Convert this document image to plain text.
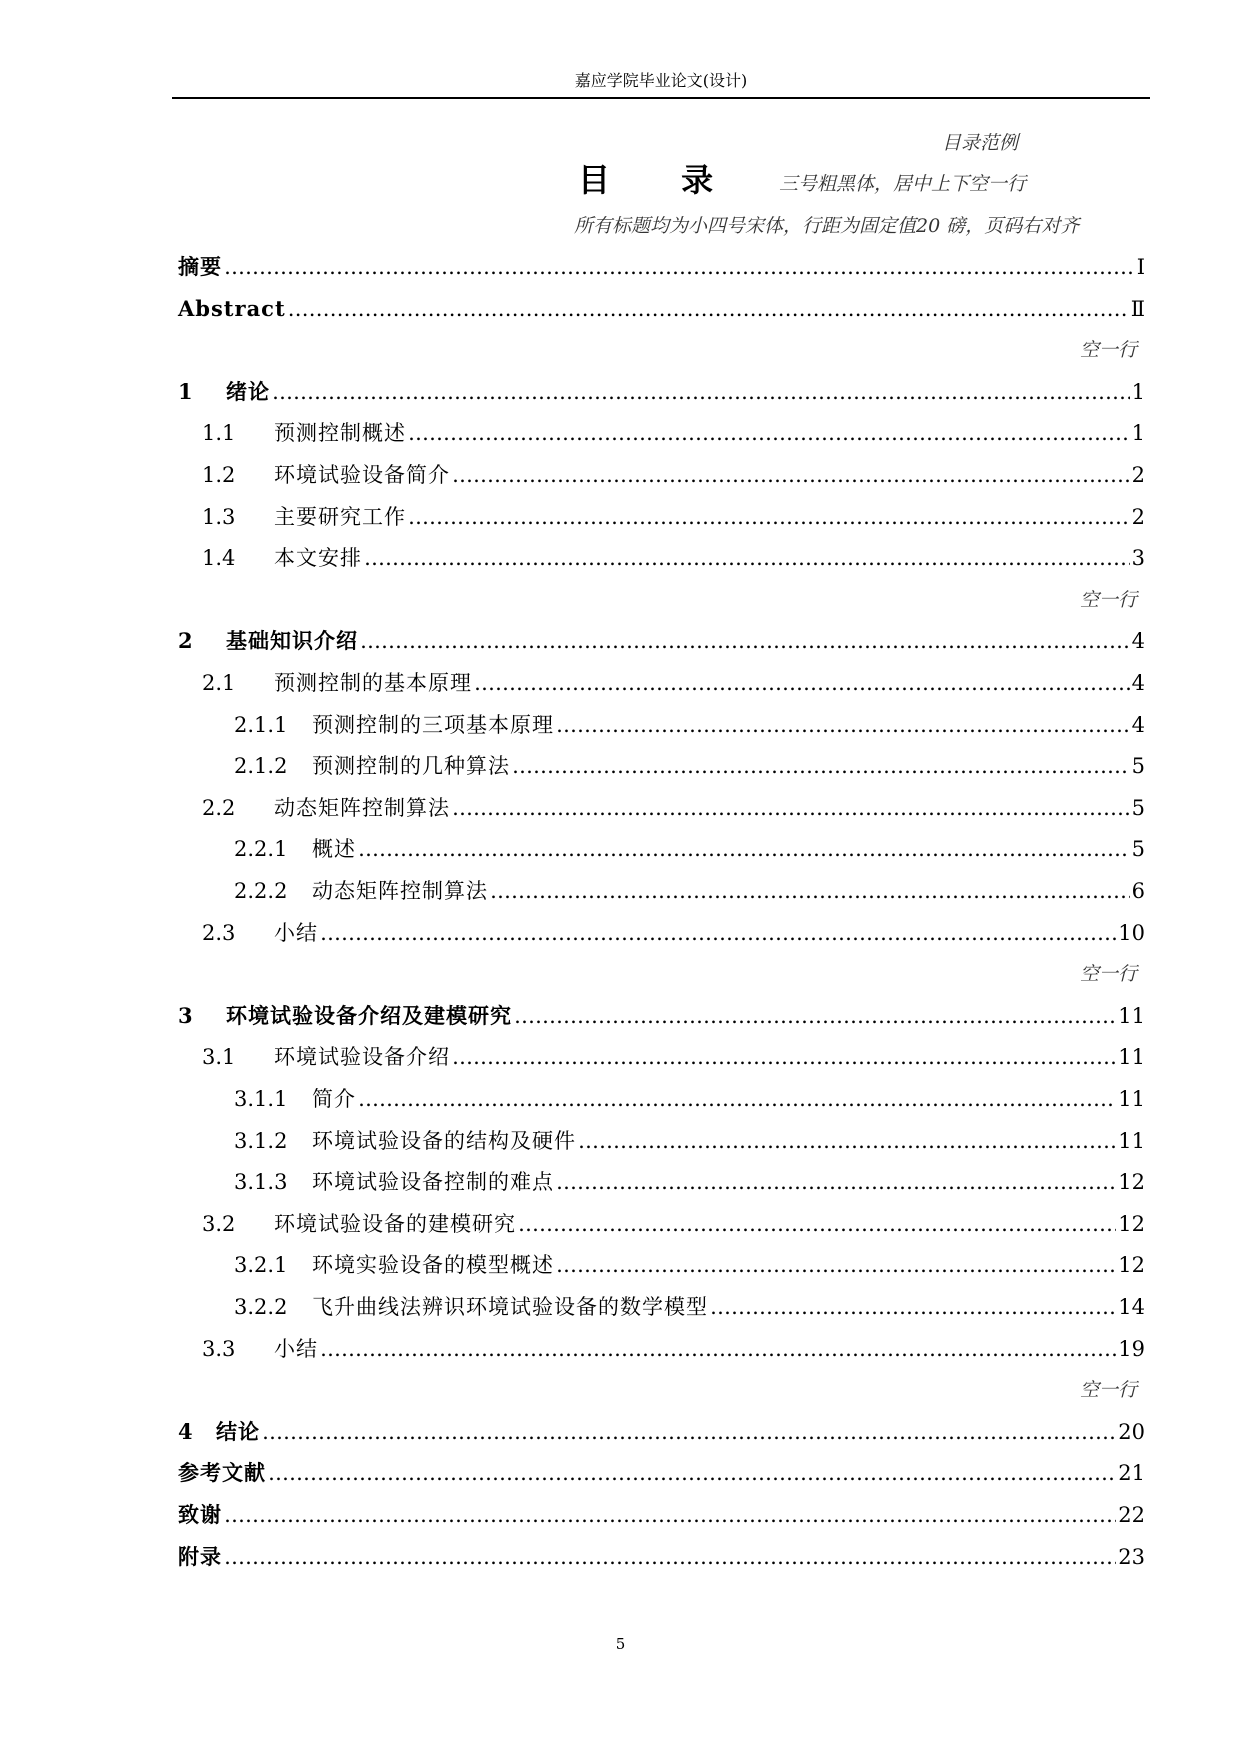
嘉应学院毕业论文(设计)
目录范例
目 录 三号粗黑体，居中上下空一行
所有标题均为小四号宋体，行距为固定值20 磅，页码右对齐
摘要 ……………………………………………………………………………………………………………………………………………………………………………………………………………………………………………………………………………	Ⅰ
Abstract ……………………………………………………………………………………………………………………………………………………………………………………………………………………………………………………………………………	Ⅱ
空一行
1	绪论 ……………………………………………………………………………………………………………………………………………………………………………………………………………………………………………………………………………	1
1.1	预测控制概述 ……………………………………………………………………………………………………………………………………………………………………………………………………………………………………………………………………………	1
1.2	环境试验设备简介 ……………………………………………………………………………………………………………………………………………………………………………………………………………………………………………………………………………	2
1.3	主要研究工作 ……………………………………………………………………………………………………………………………………………………………………………………………………………………………………………………………………………	2
1.4	本文安排 ……………………………………………………………………………………………………………………………………………………………………………………………………………………………………………………………………………	3
空一行
2	基础知识介绍 ……………………………………………………………………………………………………………………………………………………………………………………………………………………………………………………………………………	4
2.1	预测控制的基本原理 ……………………………………………………………………………………………………………………………………………………………………………………………………………………………………………………………………………	4
2.1.1	预测控制的三项基本原理 ……………………………………………………………………………………………………………………………………………………………………………………………………………………………………………………………………………	4
2.1.2	预测控制的几种算法 ……………………………………………………………………………………………………………………………………………………………………………………………………………………………………………………………………………	5
2.2	动态矩阵控制算法 ……………………………………………………………………………………………………………………………………………………………………………………………………………………………………………………………………………	5
2.2.1	概述 ……………………………………………………………………………………………………………………………………………………………………………………………………………………………………………………………………………	5
2.2.2	动态矩阵控制算法 ……………………………………………………………………………………………………………………………………………………………………………………………………………………………………………………………………………	6
2.3	小结 ……………………………………………………………………………………………………………………………………………………………………………………………………………………………………………………………………………	10
空一行
3	环境试验设备介绍及建模研究 ……………………………………………………………………………………………………………………………………………………………………………………………………………………………………………………………………………	11
3.1	环境试验设备介绍 ……………………………………………………………………………………………………………………………………………………………………………………………………………………………………………………………………………	11
3.1.1	简介 ……………………………………………………………………………………………………………………………………………………………………………………………………………………………………………………………………………	11
3.1.2	环境试验设备的结构及硬件 ……………………………………………………………………………………………………………………………………………………………………………………………………………………………………………………………………………	11
3.1.3	环境试验设备控制的难点 ……………………………………………………………………………………………………………………………………………………………………………………………………………………………………………………………………………	12
3.2	环境试验设备的建模研究 ……………………………………………………………………………………………………………………………………………………………………………………………………………………………………………………………………………	12
3.2.1	环境实验设备的模型概述 ……………………………………………………………………………………………………………………………………………………………………………………………………………………………………………………………………………	12
3.2.2	飞升曲线法辨识环境试验设备的数学模型 ……………………………………………………………………………………………………………………………………………………………………………………………………………………………………………………………………………	14
3.3	小结 ……………………………………………………………………………………………………………………………………………………………………………………………………………………………………………………………………………	19
空一行
4	结论 ……………………………………………………………………………………………………………………………………………………………………………………………………………………………………………………………………………	20
参考文献 ……………………………………………………………………………………………………………………………………………………………………………………………………………………………………………………………………………	21
致谢 ……………………………………………………………………………………………………………………………………………………………………………………………………………………………………………………………………………	22
附录 ……………………………………………………………………………………………………………………………………………………………………………………………………………………………………………………………………………	23
5
